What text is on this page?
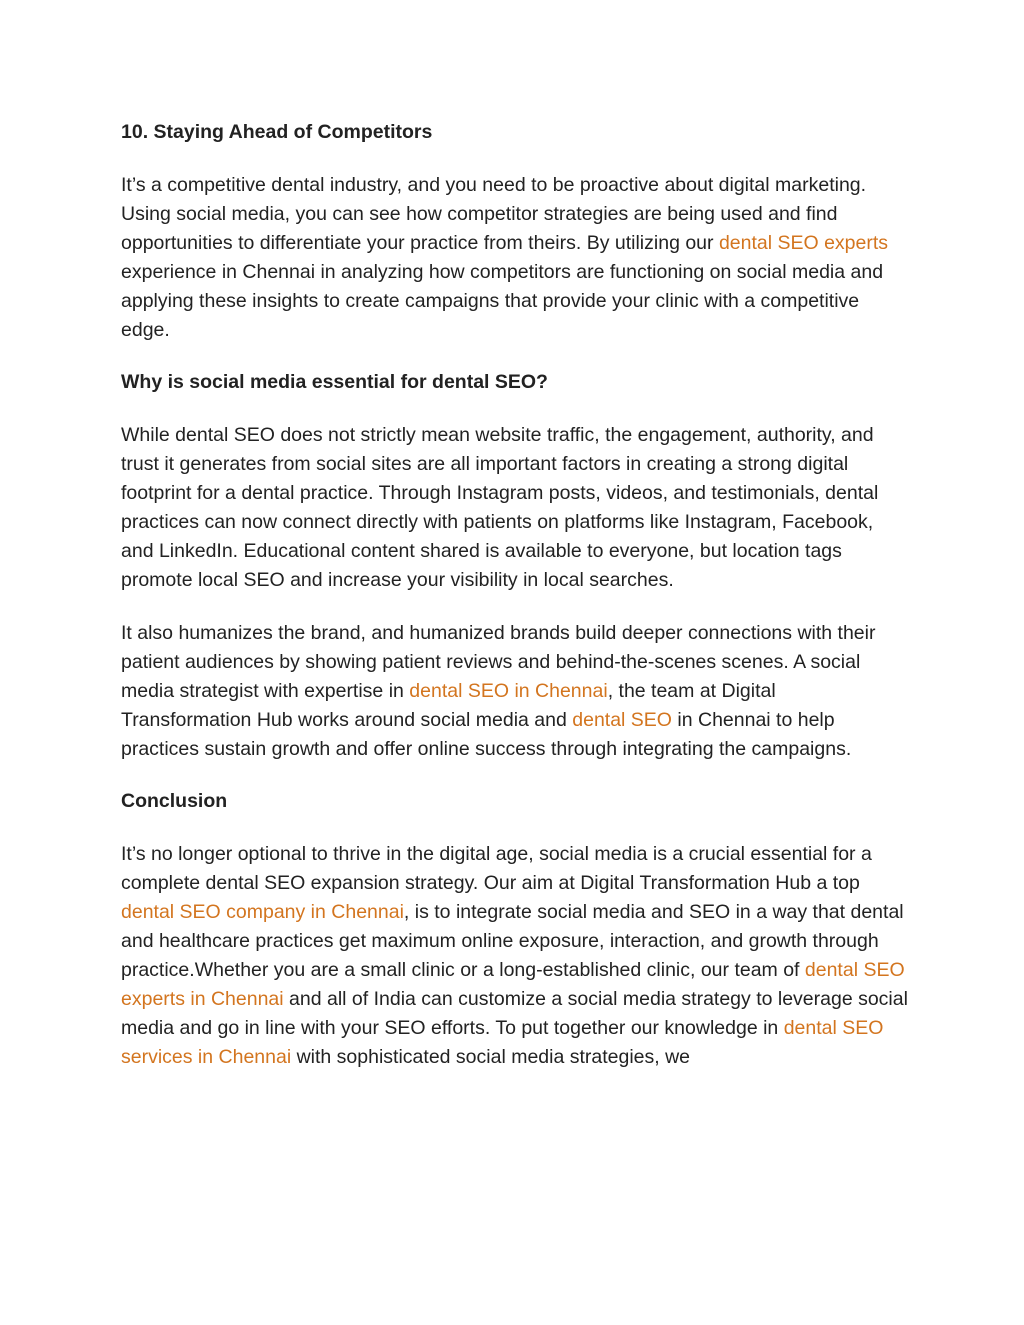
10. Staying Ahead of Competitors

It’s a competitive dental industry, and you need to be proactive about digital marketing. Using social media, you can see how competitor strategies are being used and find opportunities to differentiate your practice from theirs. By utilizing our dental SEO experts experience in Chennai in analyzing how competitors are functioning on social media and applying these insights to create campaigns that provide your clinic with a competitive edge.

Why is social media essential for dental SEO?

While dental SEO does not strictly mean website traffic, the engagement, authority, and trust it generates from social sites are all important factors in creating a strong digital footprint for a dental practice. Through Instagram posts, videos, and testimonials, dental practices can now connect directly with patients on platforms like Instagram, Facebook, and LinkedIn. Educational content shared is available to everyone, but location tags promote local SEO and increase your visibility in local searches.

It also humanizes the brand, and humanized brands build deeper connections with their patient audiences by showing patient reviews and behind-the-scenes scenes. A social media strategist with expertise in dental SEO in Chennai, the team at Digital Transformation Hub works around social media and dental SEO in Chennai to help practices sustain growth and offer online success through integrating the campaigns.

Conclusion

It’s no longer optional to thrive in the digital age, social media is a crucial essential for a complete dental SEO expansion strategy. Our aim at Digital Transformation Hub a top dental SEO company in Chennai, is to integrate social media and SEO in a way that dental and healthcare practices get maximum online exposure, interaction, and growth through practice.Whether you are a small clinic or a long-established clinic, our team of dental SEO experts in Chennai and all of India can customize a social media strategy to leverage social media and go in line with your SEO efforts. To put together our knowledge in dental SEO services in Chennai with sophisticated social media strategies, we
